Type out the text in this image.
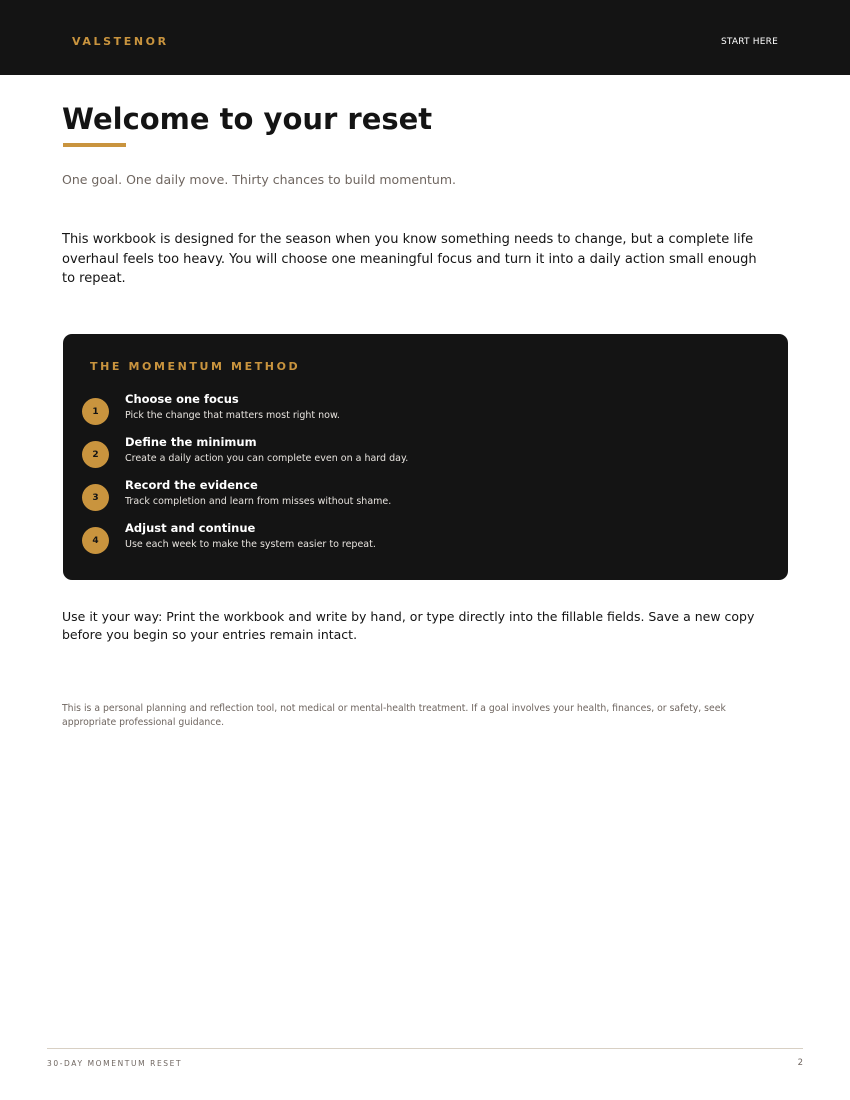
VALSTENOR	START HERE
Welcome to your reset

One goal. One daily move. Thirty chances to build momentum.

This workbook is designed for the season when you know something needs to change, but a complete life overhaul feels too heavy. You will choose one meaningful focus and turn it into a daily action small enough to repeat.

THE MOMENTUM METHOD
1
Choose one focus
Pick the change that matters most right now.
2
Define the minimum
Create a daily action you can complete even on a hard day.
3
Record the evidence
Track completion and learn from misses without shame.
4
Adjust and continue
Use each week to make the system easier to repeat.

Use it your way: Print the workbook and write by hand, or type directly into the fillable fields. Save a new copy before you begin so your entries remain intact.

This is a personal planning and reflection tool, not medical or mental-health treatment. If a goal involves your health, finances, or safety, seek appropriate professional guidance.

30-DAY MOMENTUM RESET	2
